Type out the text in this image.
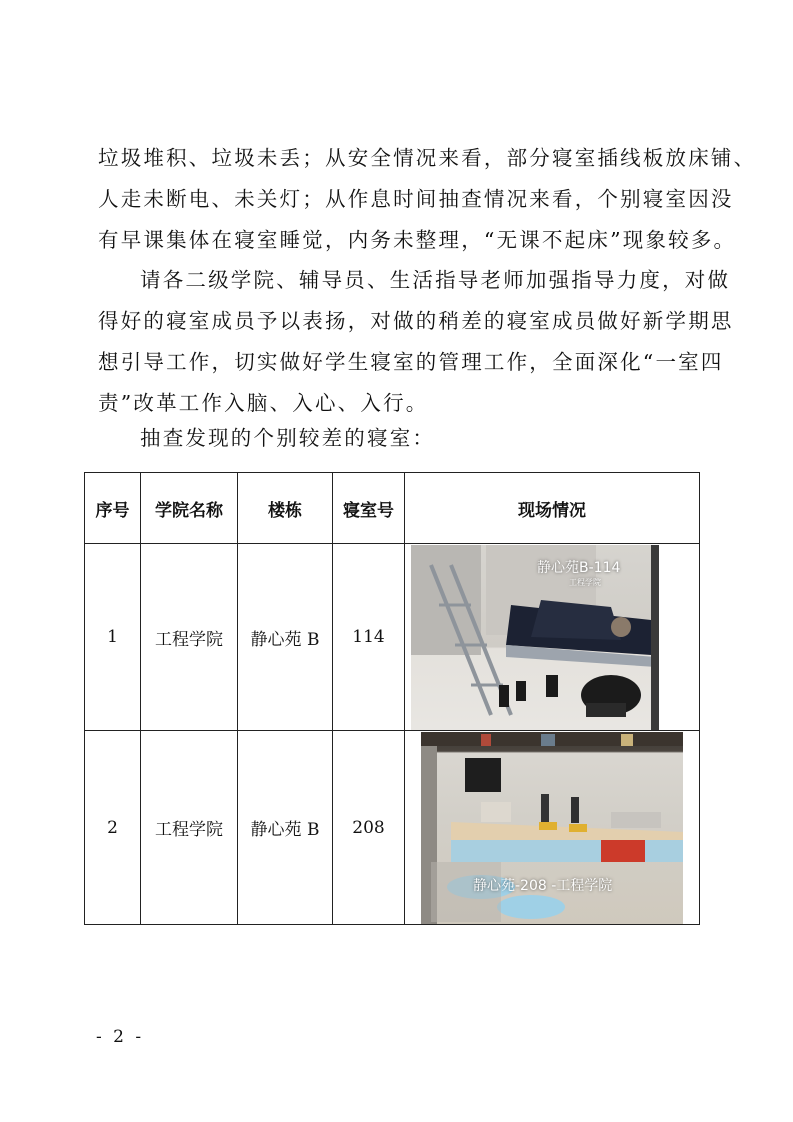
垃圾堆积、垃圾未丢；从安全情况来看，部分寝室插线板放床铺、
人走未断电、未关灯；从作息时间抽查情况来看，个别寝室因没
有早课集体在寝室睡觉，内务未整理，“无课不起床”现象较多。
请各二级学院、辅导员、生活指导老师加强指导力度，对做
得好的寝室成员予以表扬，对做的稍差的寝室成员做好新学期思
想引导工作，切实做好学生寝室的管理工作，全面深化“一室四
责”改革工作入脑、入心、入行。

抽查发现的个别较差的寝室：

序号	学院名称	楼栋	寝室号	现场情况
1	工程学院	静心苑 B	114	静心苑B-114
工程学院

2	工程学院	静心苑 B	208	静心苑-208 -工程学院
- 2 -
